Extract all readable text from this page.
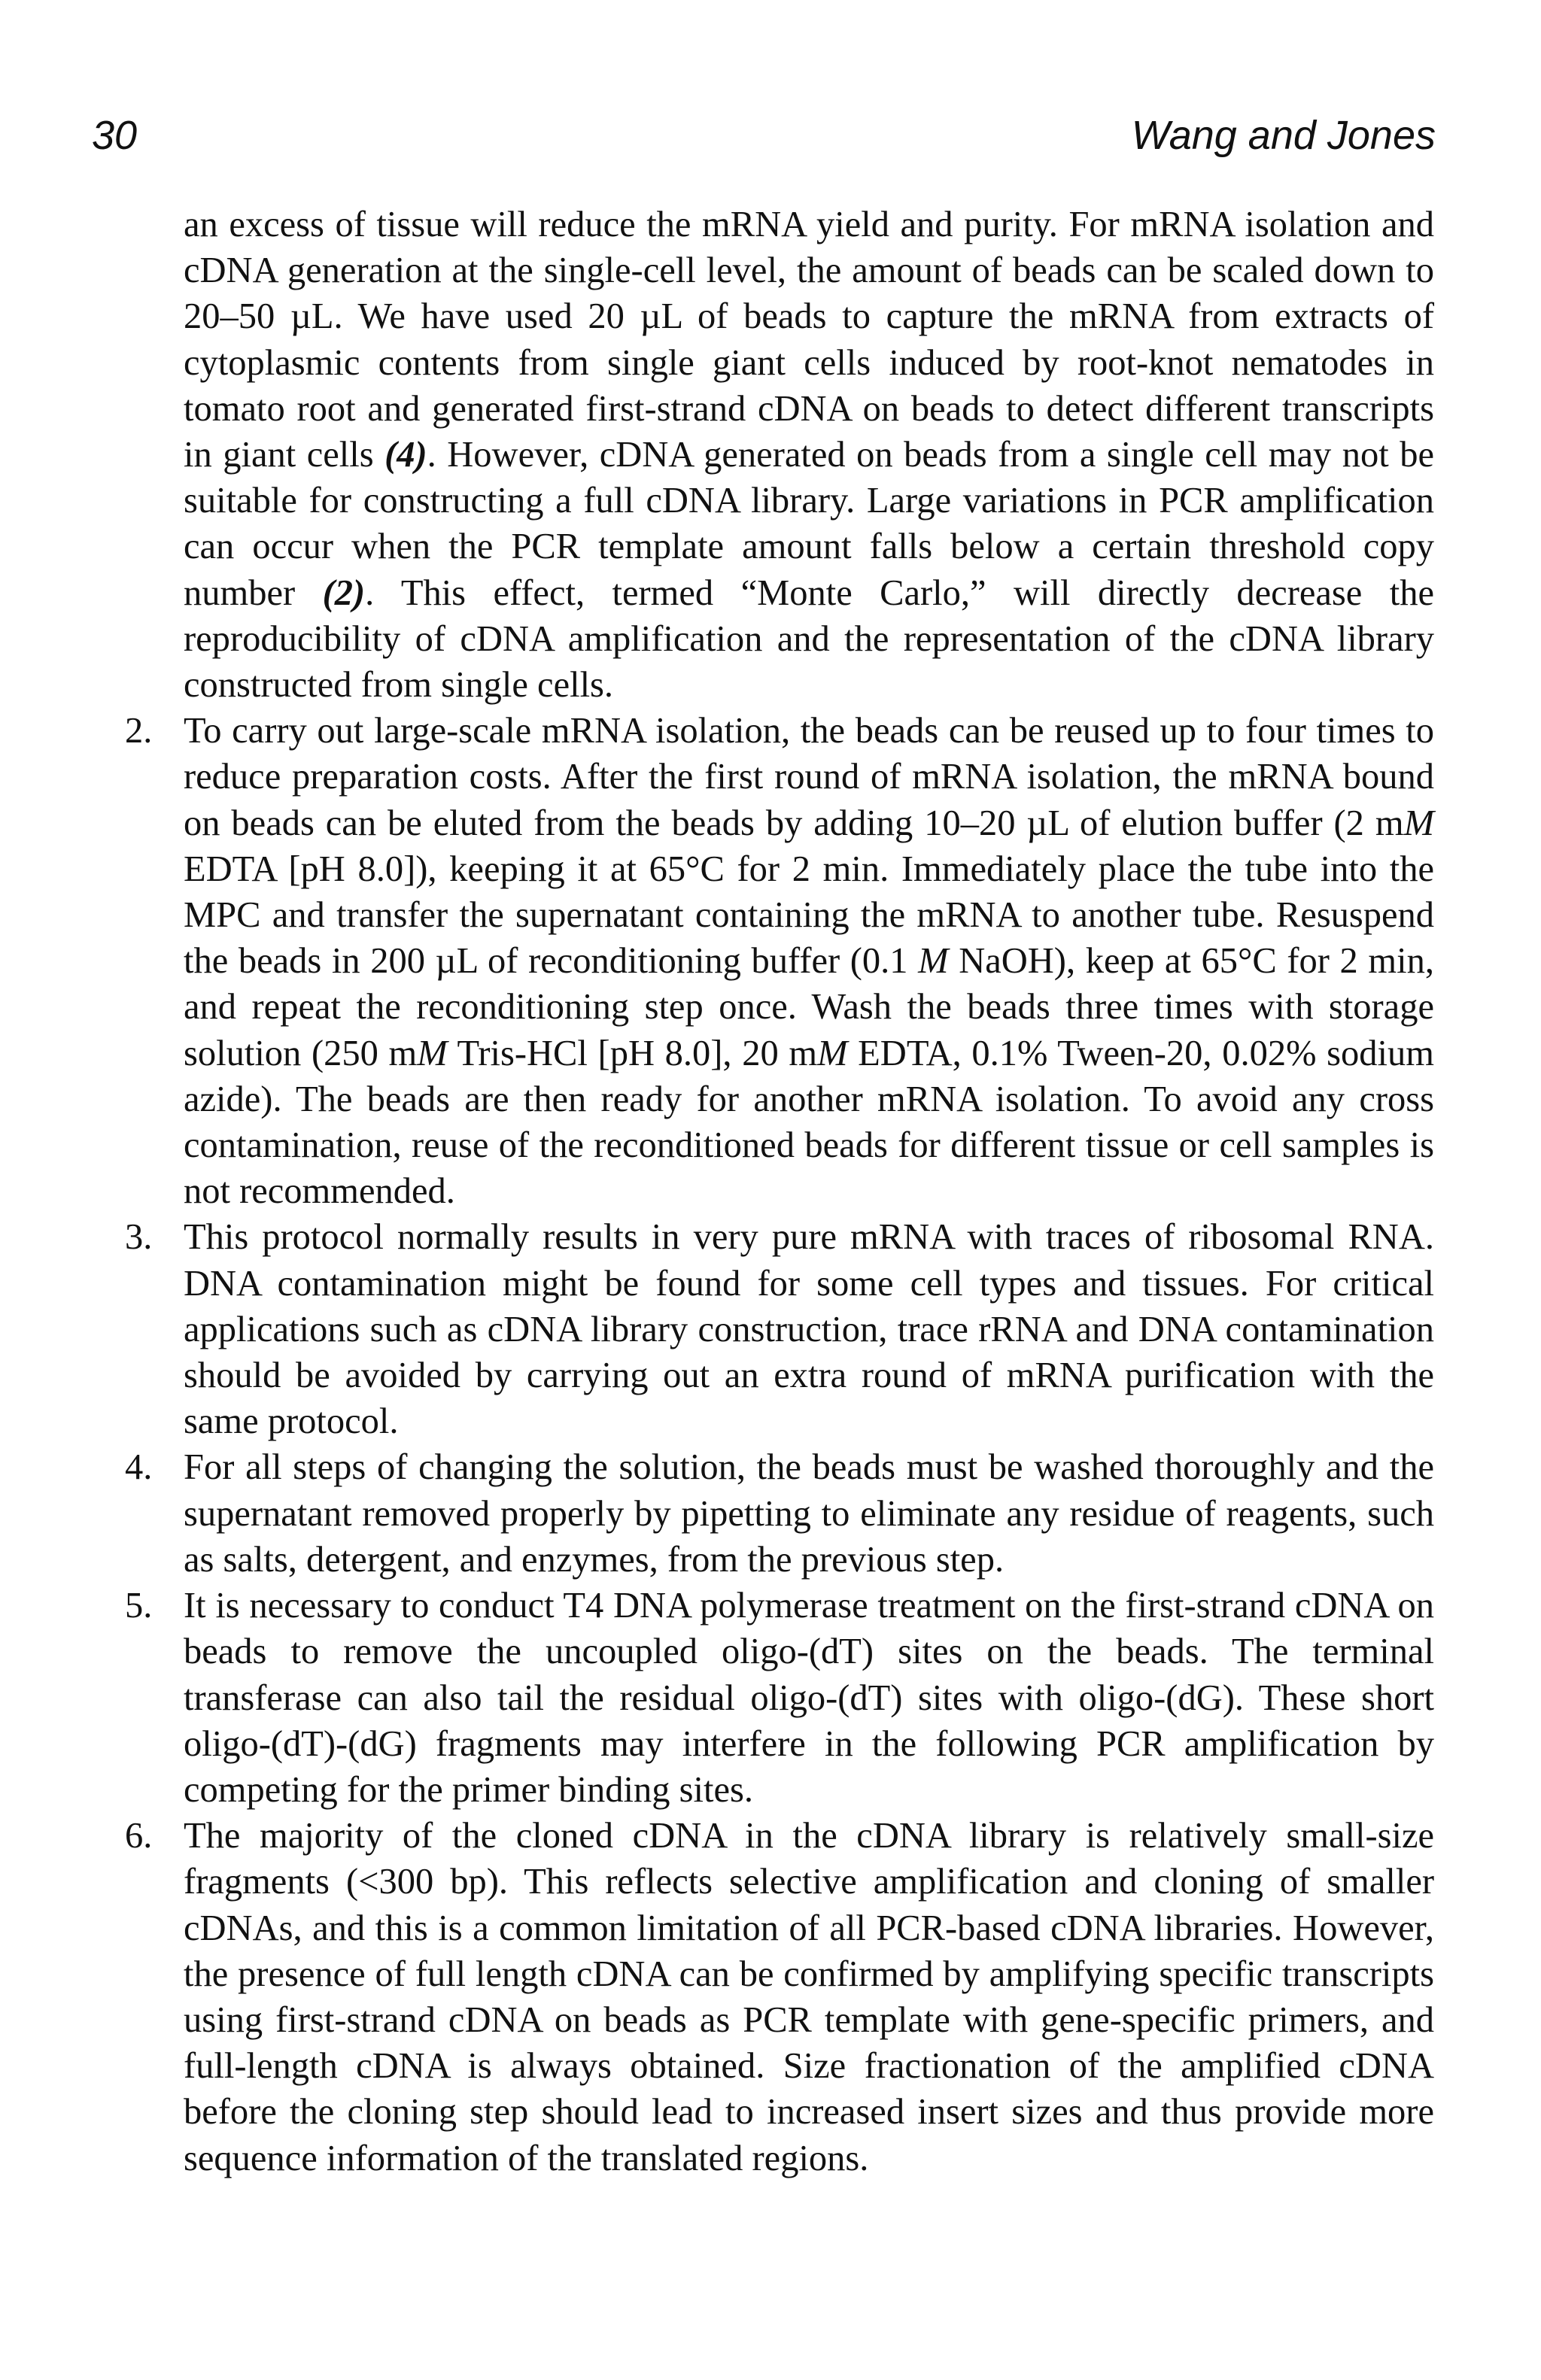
30	Wang and Jones

an excess of tissue will reduce the mRNA yield and purity. For mRNA isolation and cDNA generation at the single-cell level, the amount of beads can be scaled down to 20–50 µL. We have used 20 µL of beads to capture the mRNA from extracts of cytoplasmic contents from single giant cells induced by root-knot nematodes in tomato root and generated first-strand cDNA on beads to detect different transcripts in giant cells (4). However, cDNA generated on beads from a single cell may not be suitable for constructing a full cDNA library. Large variations in PCR amplification can occur when the PCR template amount falls below a certain threshold copy number (2). This effect, termed “Monte Carlo,” will directly decrease the reproducibility of cDNA amplification and the representation of the cDNA library constructed from single cells.

2. To carry out large-scale mRNA isolation, the beads can be reused up to four times to reduce preparation costs. After the first round of mRNA isolation, the mRNA bound on beads can be eluted from the beads by adding 10–20 µL of elution buffer (2 mM EDTA [pH 8.0]), keeping it at 65°C for 2 min. Immediately place the tube into the MPC and transfer the supernatant containing the mRNA to another tube. Resuspend the beads in 200 µL of reconditioning buffer (0.1 M NaOH), keep at 65°C for 2 min, and repeat the reconditioning step once. Wash the beads three times with storage solution (250 mM Tris-HCl [pH 8.0], 20 mM EDTA, 0.1% Tween-20, 0.02% sodium azide). The beads are then ready for another mRNA isolation. To avoid any cross contamination, reuse of the reconditioned beads for different tissue or cell samples is not recommended.
3. This protocol normally results in very pure mRNA with traces of ribosomal RNA. DNA contamination might be found for some cell types and tissues. For critical applications such as cDNA library construction, trace rRNA and DNA contamination should be avoided by carrying out an extra round of mRNA purification with the same protocol.
4. For all steps of changing the solution, the beads must be washed thoroughly and the supernatant removed properly by pipetting to eliminate any residue of reagents, such as salts, detergent, and enzymes, from the previous step.
5. It is necessary to conduct T4 DNA polymerase treatment on the first-strand cDNA on beads to remove the uncoupled oligo-(dT) sites on the beads. The terminal transferase can also tail the residual oligo-(dT) sites with oligo-(dG). These short oligo-(dT)-(dG) fragments may interfere in the following PCR amplification by competing for the primer binding sites.
6. The majority of the cloned cDNA in the cDNA library is relatively small-size fragments (<300 bp). This reflects selective amplification and cloning of smaller cDNAs, and this is a common limitation of all PCR-based cDNA libraries. However, the presence of full length cDNA can be confirmed by amplifying specific transcripts using first-strand cDNA on beads as PCR template with gene-specific primers, and full-length cDNA is always obtained. Size fractionation of the amplified cDNA before the cloning step should lead to increased insert sizes and thus provide more sequence information of the translated regions.
